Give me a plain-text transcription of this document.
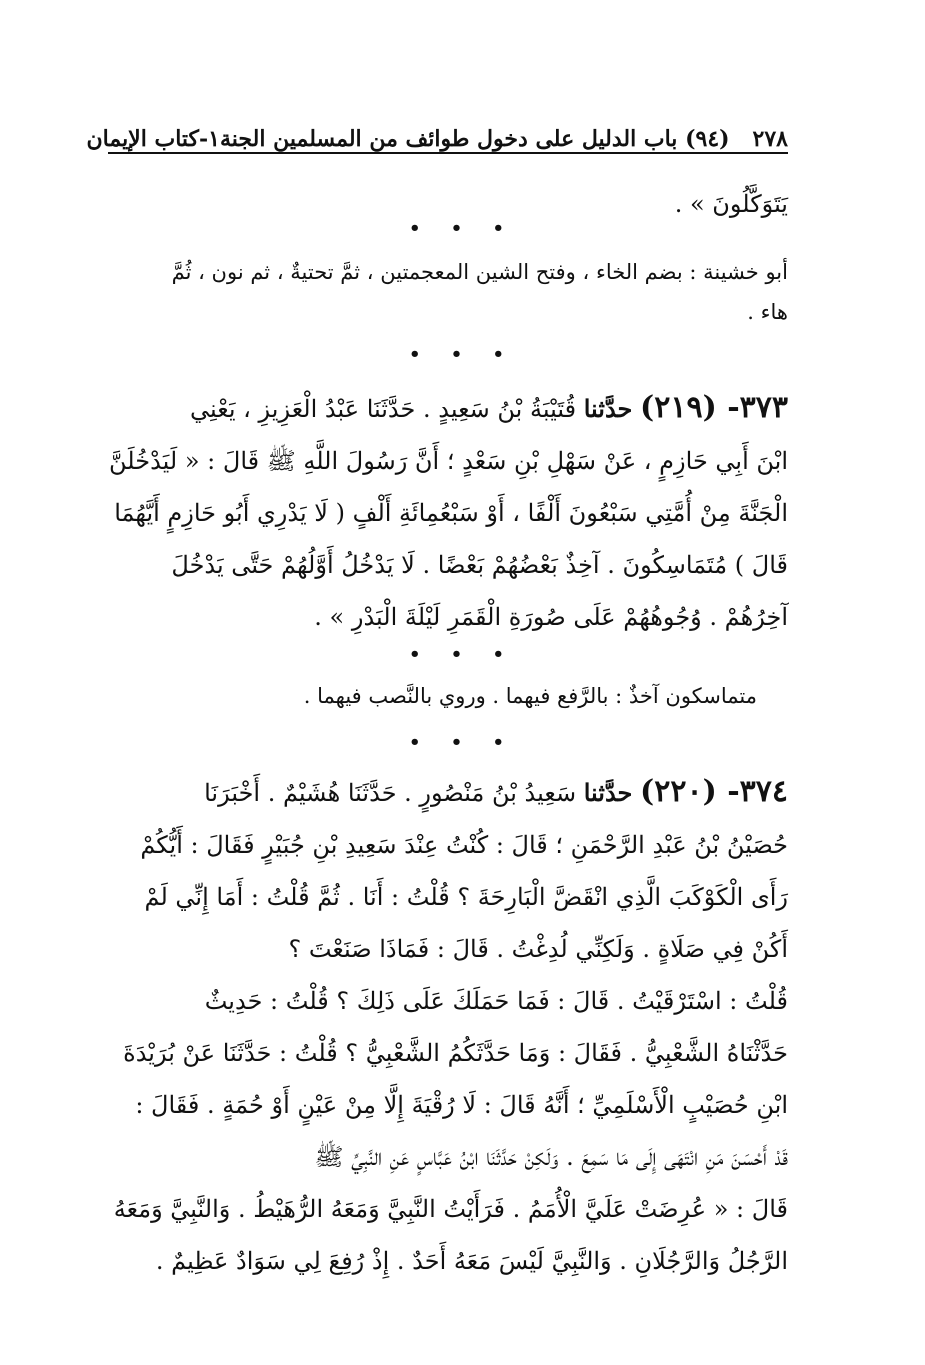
٢٧٨   (٩٤) باب الدليل على دخول طوائف من المسلمين الجنة
١-كتاب الإيمان
يَتَوَكَّلُونَ » .
• • •
أبو خشينة : بضم الخاء ، وفتح الشين المعجمتين ، ثمَّ تحتيةٌ ، ثم نون ، ثُمَّ
هاء .
• • •
٣٧٣- (٢١٩) حدَّثنا قُتَيْبَةُ بْنُ سَعِيدٍ . حَدَّثَنَا عَبْدُ الْعَزِيزِ ، يَعْنِي
ابْنَ أَبِي حَازِمٍ ، عَنْ سَهْلِ بْنِ سَعْدٍ ؛ أَنَّ رَسُولَ اللَّهِ ﷺ قَالَ : « لَيَدْخُلَنَّ
الْجَنَّةَ مِنْ أُمَّتِي سَبْعُونَ أَلْفًا ، أَوْ سَبْعُمِائَةِ أَلْفٍ ( لَا يَدْرِي أَبُو حَازِمٍ أَيَّهُمَا
قَالَ ) مُتَمَاسِكُونَ . آخِذٌ بَعْضُهُمْ بَعْضًا . لَا يَدْخُلُ أَوَّلُهُمْ حَتَّى يَدْخُلَ
آخِرُهُمْ . وُجُوهُهُمْ عَلَى صُورَةِ الْقَمَرِ لَيْلَةَ الْبَدْرِ » .
• • •
متماسكون آخذٌ : بالرَّفع فيهما . وروي بالنَّصب فيهما .
• • •
٣٧٤- (٢٢٠) حدَّثنا سَعِيدُ بْنُ مَنْصُورٍ . حَدَّثَنَا هُشَيْمٌ . أَخْبَرَنَا
حُصَيْنُ بْنُ عَبْدِ الرَّحْمَنِ ؛ قَالَ : كُنْتُ عِنْدَ سَعِيدِ بْنِ جُبَيْرٍ فَقَالَ : أَيُّكُمْ
رَأَى الْكَوْكَبَ الَّذِي انْقَضَّ الْبَارِحَةَ ؟ قُلْتُ : أَنَا . ثُمَّ قُلْتُ : أَمَا إِنِّي لَمْ
أَكُنْ فِي صَلَاةٍ . وَلَكِنِّي لُدِغْتُ . قَالَ : فَمَاذَا صَنَعْتَ ؟
قُلْتُ : اسْتَرْقَيْتُ . قَالَ : فَمَا حَمَلَكَ عَلَى ذَلِكَ ؟ قُلْتُ : حَدِيثٌ
حَدَّثْنَاهُ الشَّعْبِيُّ . فَقَالَ : وَمَا حَدَّثَكُمُ الشَّعْبِيُّ ؟ قُلْتُ : حَدَّثَنَا عَنْ بُرَيْدَةَ
ابْنِ حُصَيْبٍ الْأَسْلَمِيِّ ؛ أَنَّهُ قَالَ : لَا رُقْيَةَ إِلَّا مِنْ عَيْنٍ أَوْ حُمَةٍ . فَقَالَ :
قَدْ أَحْسَنَ مَنِ انْتَهَى إِلَى مَا سَمِعَ . وَلَكِنْ حَدَّثَنَا ابْنُ عَبَّاسٍ عَنِ النَّبِيِّ ﷺ
قَالَ : « عُرِضَتْ عَلَيَّ الْأُمَمُ . فَرَأَيْتُ النَّبِيَّ وَمَعَهُ الرُّهَيْطُ . وَالنَّبِيَّ وَمَعَهُ
الرَّجُلُ وَالرَّجُلَانِ . وَالنَّبِيَّ لَيْسَ مَعَهُ أَحَدٌ . إِذْ رُفِعَ لِي سَوَادٌ عَظِيمٌ .
